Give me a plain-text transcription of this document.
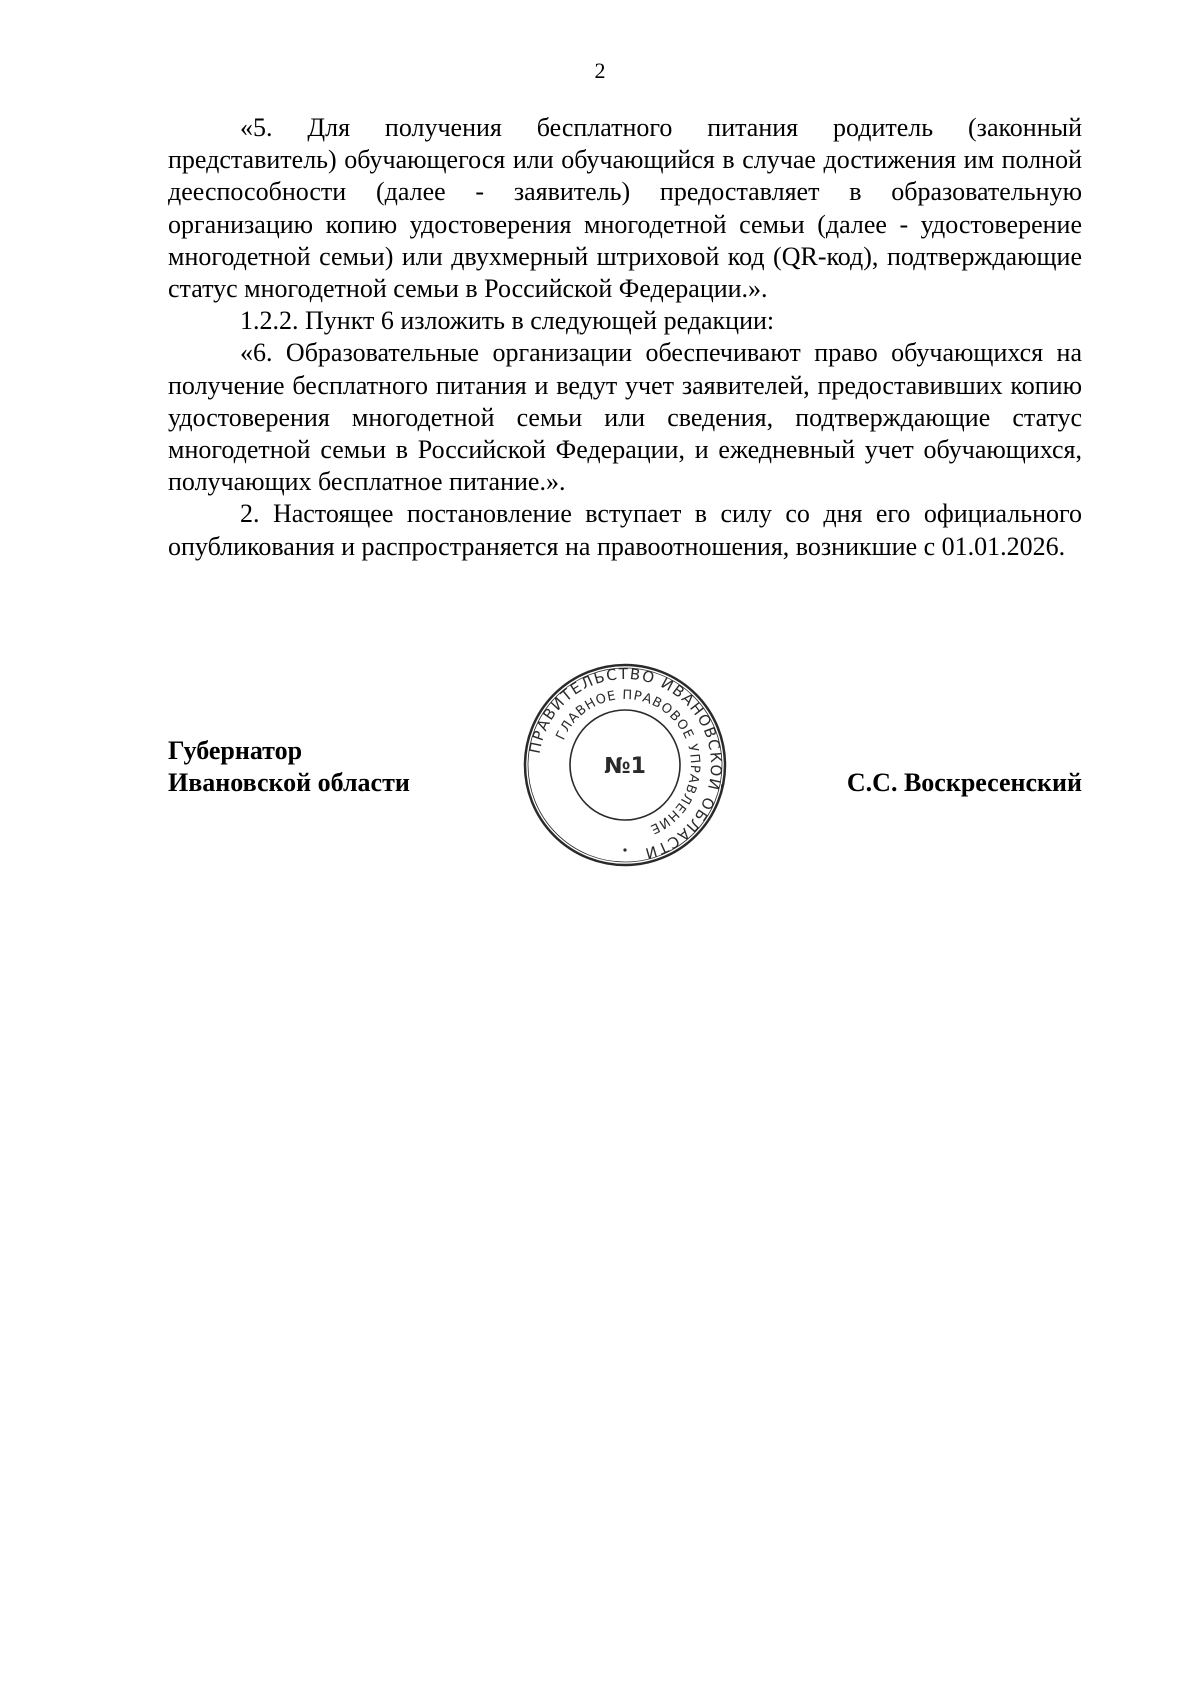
2

«5. Для получения бесплатного питания родитель (законный представитель) обучающегося или обучающийся в случае достижения им полной дееспособности (далее - заявитель) предоставляет в образовательную организацию копию удостоверения многодетной семьи (далее - удостоверение многодетной семьи) или двухмерный штриховой код (QR-код), подтверждающие статус многодетной семьи в Российской Федерации.».

1.2.2. Пункт 6 изложить в следующей редакции:

«6. Образовательные организации обеспечивают право обучающихся на получение бесплатного питания и ведут учет заявителей, предоставивших копию удостоверения многодетной семьи или сведения, подтверждающие статус многодетной семьи в Российской Федерации, и ежедневный учет обучающихся, получающих бесплатное питание.».

2. Настоящее постановление вступает в силу со дня его официального опубликования и распространяется на правоотношения, возникшие с 01.01.2026.

Губернатор
Ивановской области	С.С. Воскресенский
ПРАВИТЕЛЬСТВО ИВАНОВСКОЙ ОБЛАСТИ
ГЛАВНОЕ ПРАВОВОЕ УПРАВЛЕНИЕ
№1
